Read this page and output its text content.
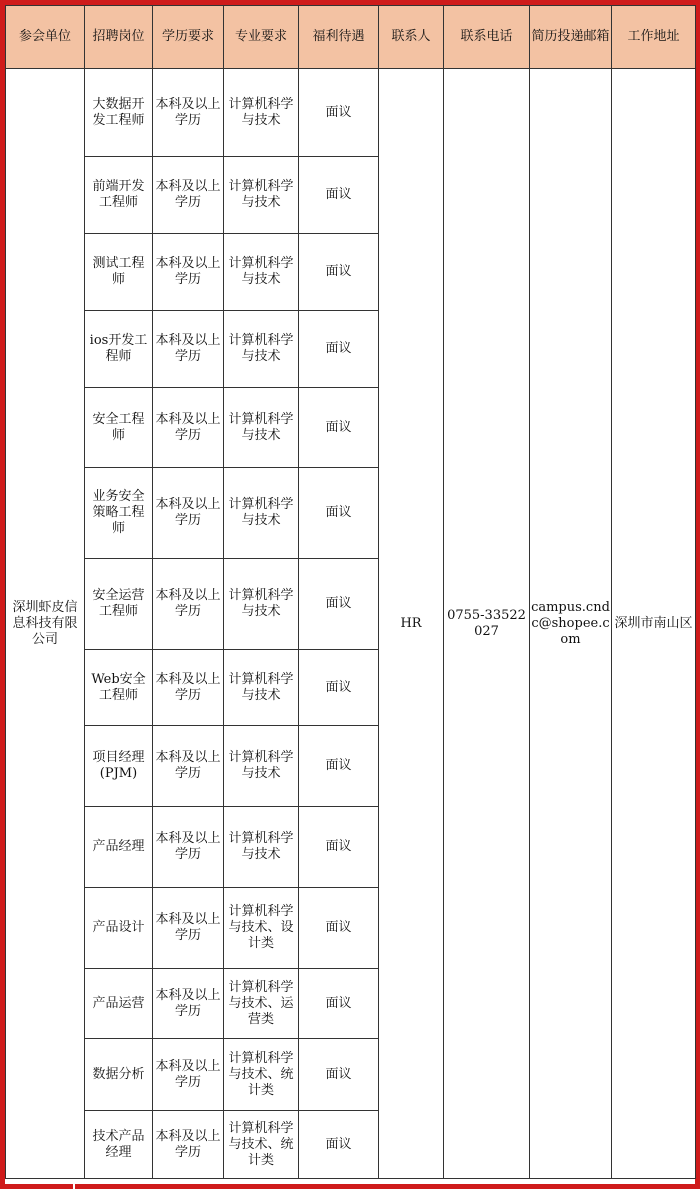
参会单位	招聘岗位	学历要求	专业要求	福利待遇	联系人	联系电话	简历投递邮箱	工作地址
深圳虾皮信息科技有限公司	大数据开发工程师	本科及以上学历	计算机科学与技术	面议	HR	0755-33522027	campus.cndc@shopee.com	深圳市南山区
	前端开发工程师	本科及以上学历	计算机科学与技术	面议				
	测试工程师	本科及以上学历	计算机科学与技术	面议				
	ios开发工程师	本科及以上学历	计算机科学与技术	面议				
	安全工程师	本科及以上学历	计算机科学与技术	面议				
	业务安全策略工程师	本科及以上学历	计算机科学与技术	面议				
	安全运营工程师	本科及以上学历	计算机科学与技术	面议				
	Web安全工程师	本科及以上学历	计算机科学与技术	面议				
	项目经理(PJM)	本科及以上学历	计算机科学与技术	面议				
	产品经理	本科及以上学历	计算机科学与技术	面议				
	产品设计	本科及以上学历	计算机科学与技术、设计类	面议				
	产品运营	本科及以上学历	计算机科学与技术、运营类	面议				
	数据分析	本科及以上学历	计算机科学与技术、统计类	面议				
	技术产品经理	本科及以上学历	计算机科学与技术、统计类	面议				
